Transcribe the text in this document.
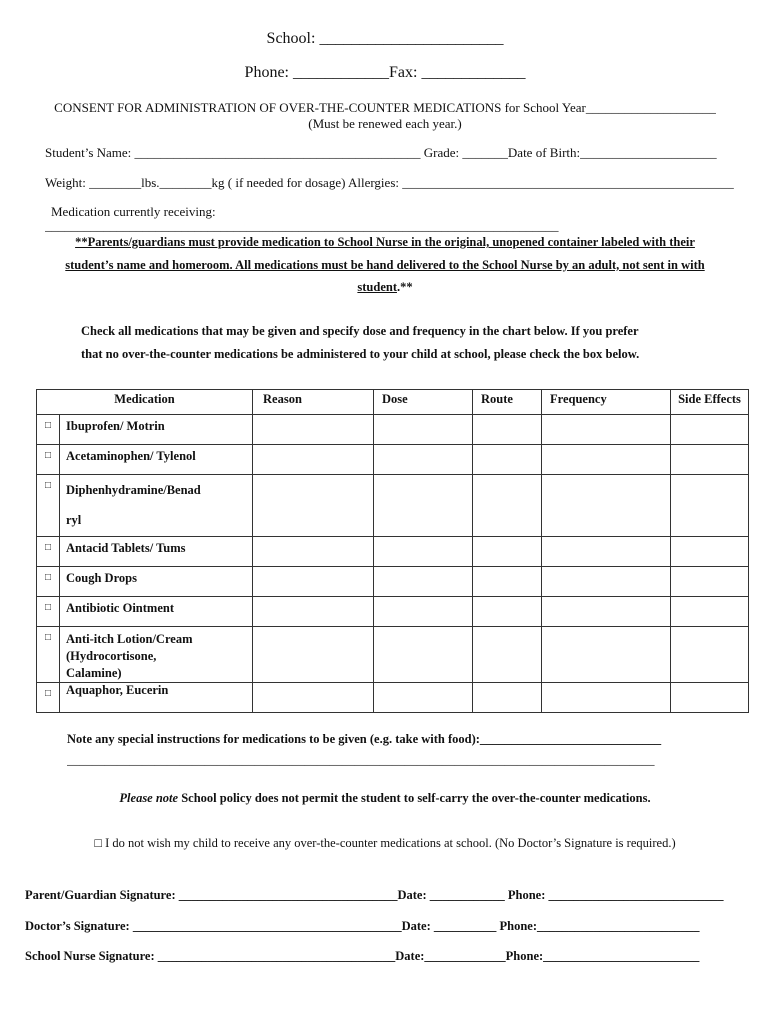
School: _______________________
Phone: ____________Fax: _____________
CONSENT FOR ADMINISTRATION OF OVER-THE-COUNTER MEDICATIONS for School Year____________________
(Must be renewed each year.)
Student’s Name: ____________________________________________ Grade: _______Date of Birth:_____________________
Weight: ________lbs.________kg ( if needed for dosage) Allergies: ___________________________________________________
Medication currently receiving:
_______________________________________________________________________________
**Parents/guardians must provide medication to School Nurse in the original, unopened container labeled with their
student’s name and homeroom. All medications must be hand delivered to the School Nurse by an adult, not sent in with
student.**
Check all medications that may be given and specify dose and frequency in the chart below. If you prefer
that no over-the-counter medications be administered to your child at school, please check the box below.
Medication		Reason	Dose	Route	Frequency	Side Effects
□	Ibuprofen/ Motrin					
□	Acetaminophen/ Tylenol					
□	Diphenhydramine/Benad
ryl					

□	Antacid Tablets/ Tums					
□	Cough Drops					
□	Antibiotic Ointment					
□	Anti-itch Lotion/Cream
(Hydrocortisone,
Calamine)					

□	Aquaphor, Eucerin					
Note any special instructions for medications to be given (e.g. take with food):_____________________________
______________________________________________________________________________________________
Please note School policy does not permit the student to self-carry the over-the-counter medications.
□ I do not wish my child to receive any over-the-counter medications at school. (No Doctor’s Signature is required.)
Parent/Guardian Signature: ___________________________________Date: ____________ Phone: ____________________________
Doctor’s Signature: ___________________________________________Date: __________ Phone:__________________________
School Nurse Signature: ______________________________________Date:_____________Phone:_________________________
